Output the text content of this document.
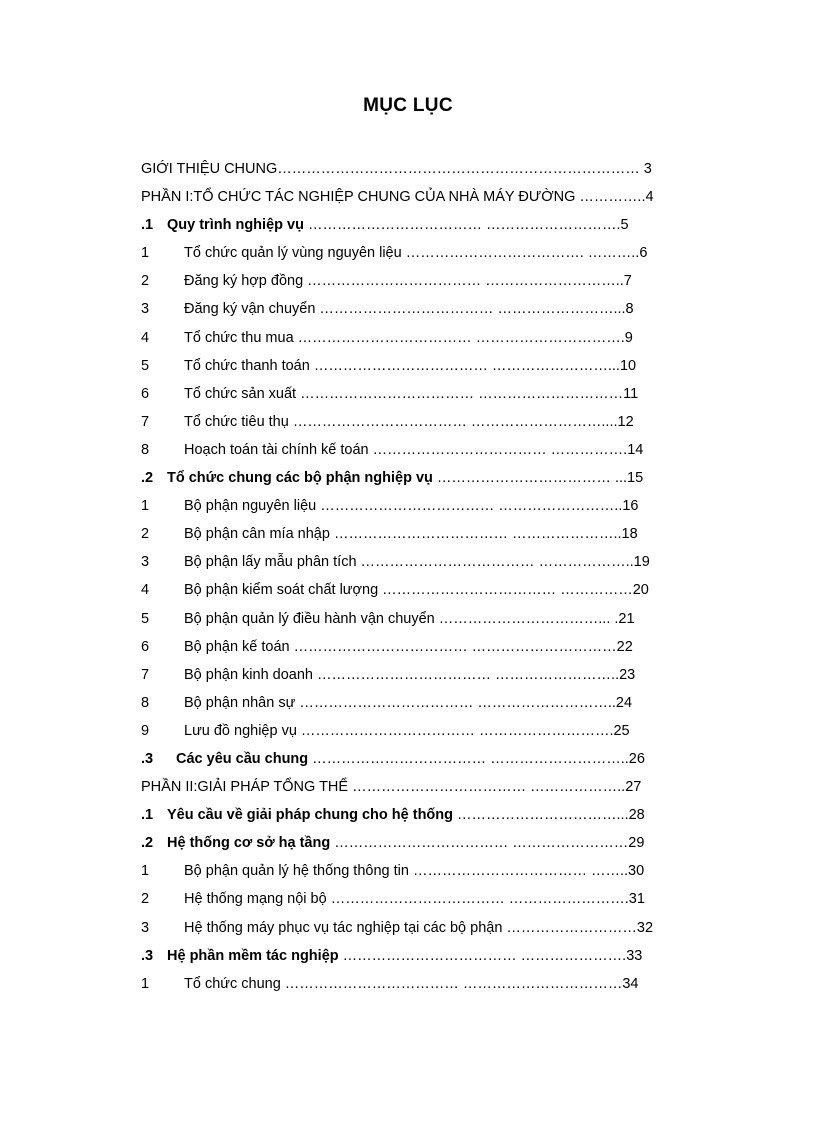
MỤC LỤC
GIỚI THIỆU CHUNG………………………………………………………………… 3
PHẦN I:TỔ CHỨC TÁC NGHIỆP CHUNG CỦA NHÀ MÁY ĐƯỜNG …………..4
.1 Quy trình nghiệp vụ ……………………………… ……………………….5
1 Tổ chức quản lý vùng nguyên liệu ………………………………. ………..6
2 Đăng ký hợp đồng ……………………………… ………………………..7
3 Đăng ký vận chuyển ……………………………… ……………………...8
4 Tổ chức thu mua ……………………………… ………………………….9
5 Tổ chức thanh toán ……………………………… ……………………...10
6 Tổ chức sản xuất ……………………………… …………………………11
7 Tổ chức tiêu thụ ……………………………… ………………………....12
8 Hoạch toán tài chính kế toán ……………………………… …………….14
.2 Tổ chức chung các bộ phận nghiệp vụ ……………………………… ...15
1 Bộ phận nguyên liệu ……………………………… ……………………..16
2 Bộ phận cân mía nhập ……………………………… …………………..18
3 Bộ phận lấy mẫu phân tích ……………………………… ………………..19
4 Bộ phận kiểm soát chất lượng ……………………………… ……………20
5 Bộ phận quản lý điều hành vận chuyển ……………………………... .21
6 Bộ phận kế toán ……………………………… …………………………22
7 Bộ phận kinh doanh ……………………………… ……………………..23
8 Bộ phận nhân sự ……………………………… ………………………..24
9 Lưu đồ nghiệp vụ ……………………………… ……………………….25
.3 Các yêu cầu chung ……………………………… ………………………..26
PHẦN II:GIẢI PHÁP TỔNG THỂ ……………………………… ………………..27
.1 Yêu cầu về giải pháp chung cho hệ thống ……………………………...28
.2 Hệ thống cơ sở hạ tầng ……………………………… ……………………29
1 Bộ phận quản lý hệ thống thông tin ……………………………… ……..30
2 Hệ thống mạng nội bộ ……………………………… …………………….31
3 Hệ thống máy phục vụ tác nghiệp tại các bộ phận ………………………32
.3 Hệ phần mềm tác nghiệp ……………………………… ………………….33
1 Tổ chức chung ……………………………… ……………………………34
